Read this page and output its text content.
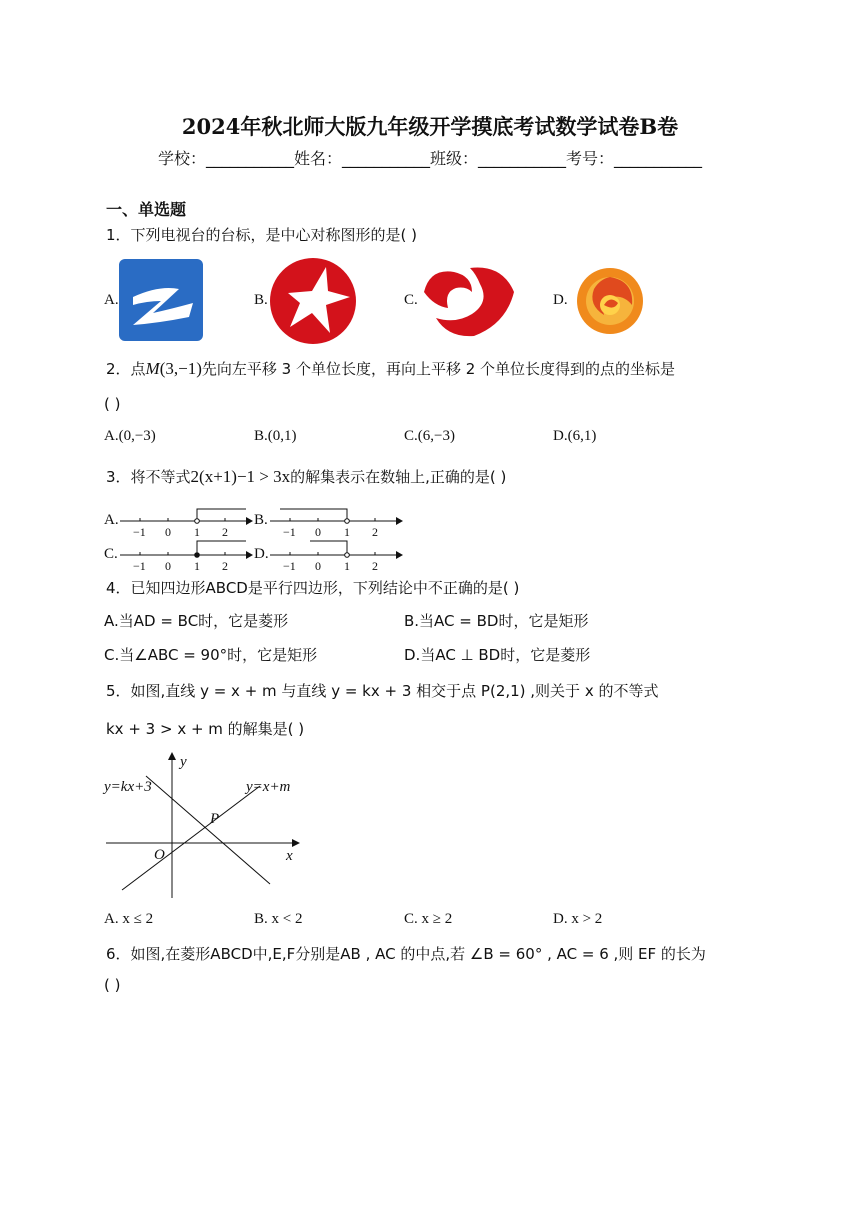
2024年秋北师大版九年级开学摸底考试数学试卷B卷
学校：___________姓名：___________班级：___________考号：___________
一、单选题
1．下列电视台的台标，是中心对称图形的是( )
A.	B.	C.	D.
2．点M(3,−1)先向左平移 3 个单位长度，再向上平移 2 个单位长度得到的点的坐标是
( )
A.(0,−3)	B.(0,1)	C.(6,−3)	D.(6,1)
3．将不等式2(x+1)−1 > 3x的解集表示在数轴上,正确的是( )
A.	B.
C.	D.
−1 0 1 2	−1 0 1 2
−1 0 1 2	−1 0 1 2
4．已知四边形ABCD是平行四边形，下列结论中不正确的是( )
A.当AD = BC时，它是菱形	B.当AC = BD时，它是矩形
C.当∠ABC = 90°时，它是矩形	D.当AC ⊥ BD时，它是菱形
5．如图,直线 y = x + m 与直线 y = kx + 3 相交于点 P(2,1) ,则关于 x 的不等式
kx + 3 > x + m 的解集是( )
y=kx+3	y=x+m
P
O	x
y
A. x ≤ 2	B. x < 2	C. x ≥ 2	D. x > 2
6．如图,在菱形ABCD中,E,F分别是AB , AC 的中点,若 ∠B = 60° , AC = 6 ,则 EF 的长为
( )
